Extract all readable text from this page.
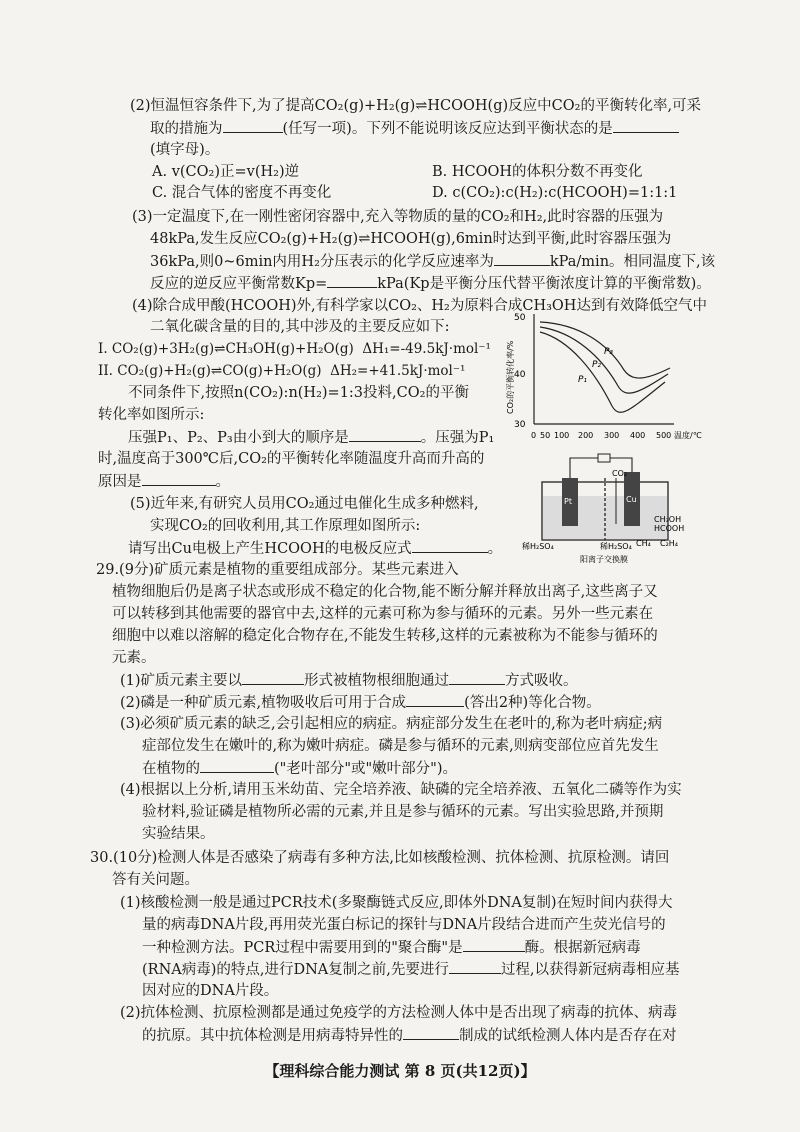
(2)恒温恒容条件下,为了提高CO₂(g)+H₂(g)⇌HCOOH(g)反应中CO₂的平衡转化率,可采
取的措施为	(任写一项)。下列不能说明该反应达到平衡状态的是
(填字母)。
A. v(CO₂)正=v(H₂)逆	B. HCOOH的体积分数不再变化
C. 混合气体的密度不再变化	D. c(CO₂):c(H₂):c(HCOOH)=1:1:1
(3)一定温度下,在一刚性密闭容器中,充入等物质的量的CO₂和H₂,此时容器的压强为
48kPa,发生反应CO₂(g)+H₂(g)⇌HCOOH(g),6min时达到平衡,此时容器压强为
36kPa,则0~6min内用H₂分压表示的化学反应速率为	kPa/min。相同温度下,该
反应的逆反应平衡常数Kp=	kPa(Kp是平衡分压代替平衡浓度计算的平衡常数)。
(4)除合成甲酸(HCOOH)外,有科学家以CO₂、H₂为原料合成CH₃OH达到有效降低空气中
二氧化碳含量的目的,其中涉及的主要反应如下:
I. CO₂(g)+3H₂(g)⇌CH₃OH(g)+H₂O(g)  ΔH₁=-49.5kJ·mol⁻¹
II. CO₂(g)+H₂(g)⇌CO(g)+H₂O(g)  ΔH₂=+41.5kJ·mol⁻¹
不同条件下,按照n(CO₂):n(H₂)=1:3投料,CO₂的平衡
转化率如图所示:
压强P₁、P₂、P₃由小到大的顺序是	。压强为P₁
时,温度高于300℃后,CO₂的平衡转化率随温度升高而升高的
原因是	。
(5)近年来,有研究人员用CO₂通过电催化生成多种燃料,
实现CO₂的回收利用,其工作原理如图所示:
请写出Cu电极上产生HCOOH的电极反应式	。
50
40
30
0 50 100 200 300 400 500 温度/℃
CO₂的平衡转化率/%	P₁
P₂
P₃
Pt	Cu
CO₂
CH₃OH
HCOOH
CH₄ C₂H₄
稀H₂SO₄	稀H₂SO₄
阳离子交换膜
29.(9分)矿质元素是植物的重要组成部分。某些元素进入
植物细胞后仍是离子状态或形成不稳定的化合物,能不断分解并释放出离子,这些离子又
可以转移到其他需要的器官中去,这样的元素可称为参与循环的元素。另外一些元素在
细胞中以难以溶解的稳定化合物存在,不能发生转移,这样的元素被称为不能参与循环的
元素。
(1)矿质元素主要以	形式被植物根细胞通过	方式吸收。
(2)磷是一种矿质元素,植物吸收后可用于合成	(答出2种)等化合物。
(3)必须矿质元素的缺乏,会引起相应的病症。病症部分发生在老叶的,称为老叶病症;病
症部位发生在嫩叶的,称为嫩叶病症。磷是参与循环的元素,则病变部位应首先发生
在植物的	("老叶部分"或"嫩叶部分")。
(4)根据以上分析,请用玉米幼苗、完全培养液、缺磷的完全培养液、五氧化二磷等作为实
验材料,验证磷是植物所必需的元素,并且是参与循环的元素。写出实验思路,并预期
实验结果。
30.(10分)检测人体是否感染了病毒有多种方法,比如核酸检测、抗体检测、抗原检测。请回
答有关问题。
(1)核酸检测一般是通过PCR技术(多聚酶链式反应,即体外DNA复制)在短时间内获得大
量的病毒DNA片段,再用荧光蛋白标记的探针与DNA片段结合进而产生荧光信号的
一种检测方法。PCR过程中需要用到的"聚合酶"是	酶。根据新冠病毒
(RNA病毒)的特点,进行DNA复制之前,先要进行	过程,以获得新冠病毒相应基
因对应的DNA片段。
(2)抗体检测、抗原检测都是通过免疫学的方法检测人体中是否出现了病毒的抗体、病毒
的抗原。其中抗体检测是用病毒特异性的	制成的试纸检测人体内是否存在对
【理科综合能力测试 第 8 页(共12页)】
